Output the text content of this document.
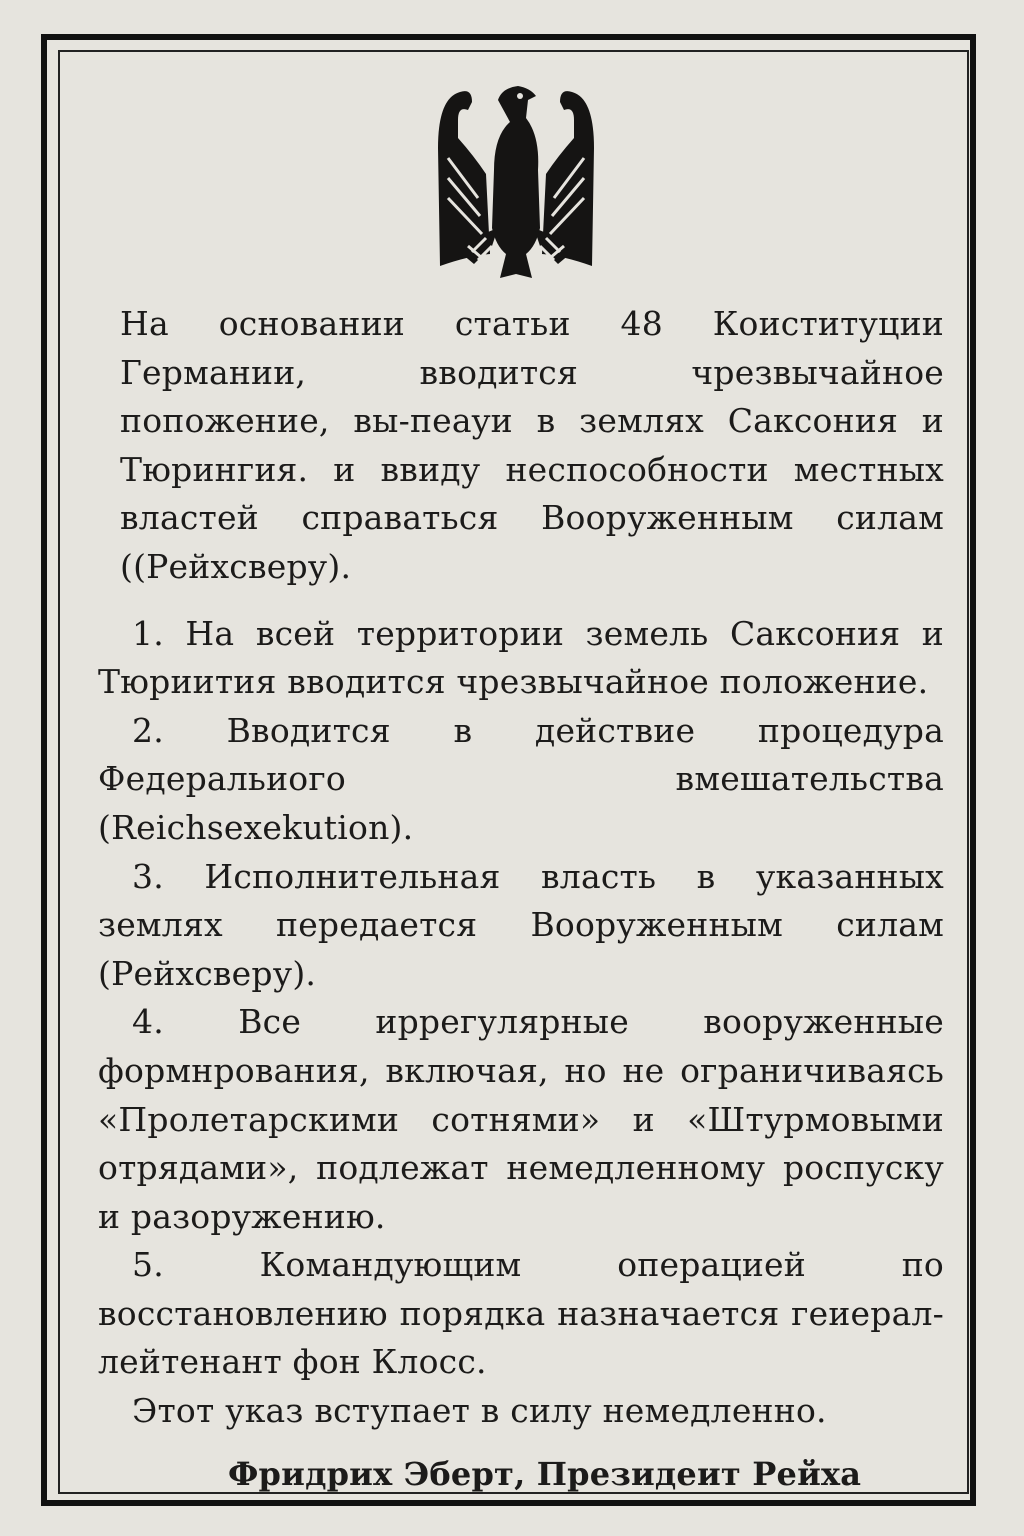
На основании статьи 48 Коиституции Германии, вводится чрезвычайное попожение, вы-пеayи в землях Саксония и Тюрингия. и ввиду неспособности местных властей справаться Вооруженным силам ((Рейхсверу).

1. На всей территории земель Саксония и Тюриития вводится чрезвычайное положение.

2. Вводится в действие процедура Федеральиого вмешательства (Reichsexekution).

3. Исполнительная власть в указанных землях передается Вооруженным силам (Рейхсверу).

4. Все иррегулярные вооруженные формнрования, включая, но не ограничиваясь «Пролетарскими сотнями» и «Штурмовыми отрядами», подлежат немедленному роспуску и разоружению.

5. Командующим операцией по восстановлению порядка назначается геиерал-лейтенант фон Клосс.

Этот указ вступает в силу немедленно.

Фридрих Эберт, Президеит Рейха
